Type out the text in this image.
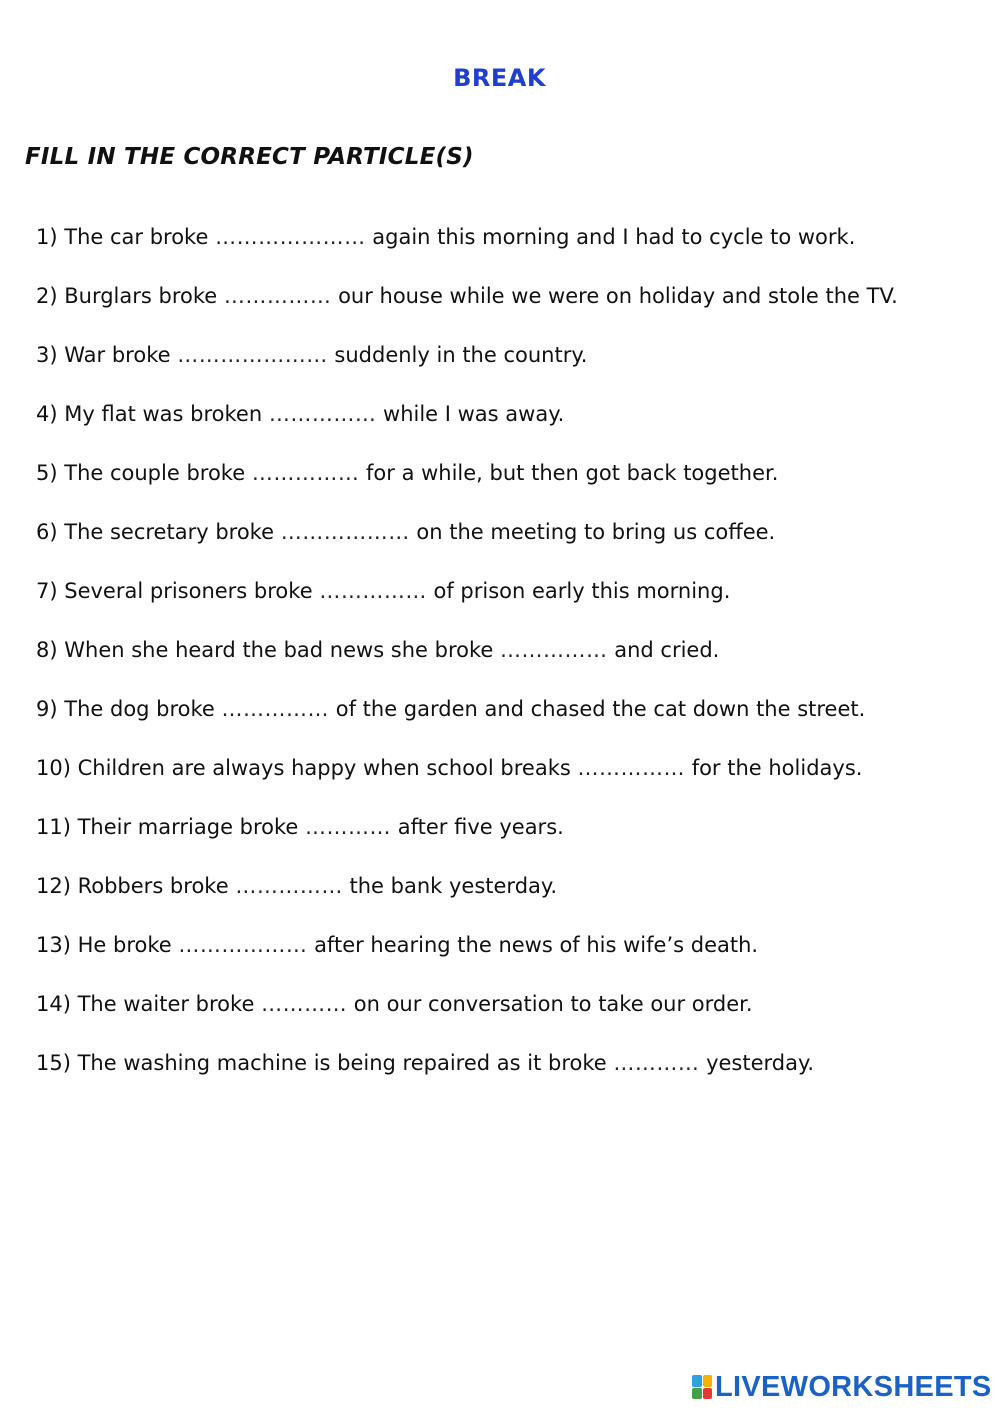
BREAK
FILL IN THE CORRECT PARTICLE(S)
1) The car broke ………………… again this morning and I had to cycle to work.
2) Burglars broke …………… our house while we were on holiday and stole the TV.
3) War broke ………………… suddenly in the country.
4) My flat was broken …………… while I was away.
5) The couple broke …………… for a while, but then got back together.
6) The secretary broke ……………… on the meeting to bring us coffee.
7) Several prisoners broke …………… of prison early this morning.
8) When she heard the bad news she broke …………… and cried.
9) The dog broke …………… of the garden and chased the cat down the street.
10) Children are always happy when school breaks …………… for the holidays.
11) Their marriage broke ………… after five years.
12) Robbers broke …………… the bank yesterday.
13) He broke ……………… after hearing the news of his wife’s death.
14) The waiter broke ………… on our conversation to take our order.
15) The washing machine is being repaired as it broke ………… yesterday.
LIVEWORKSHEETS
